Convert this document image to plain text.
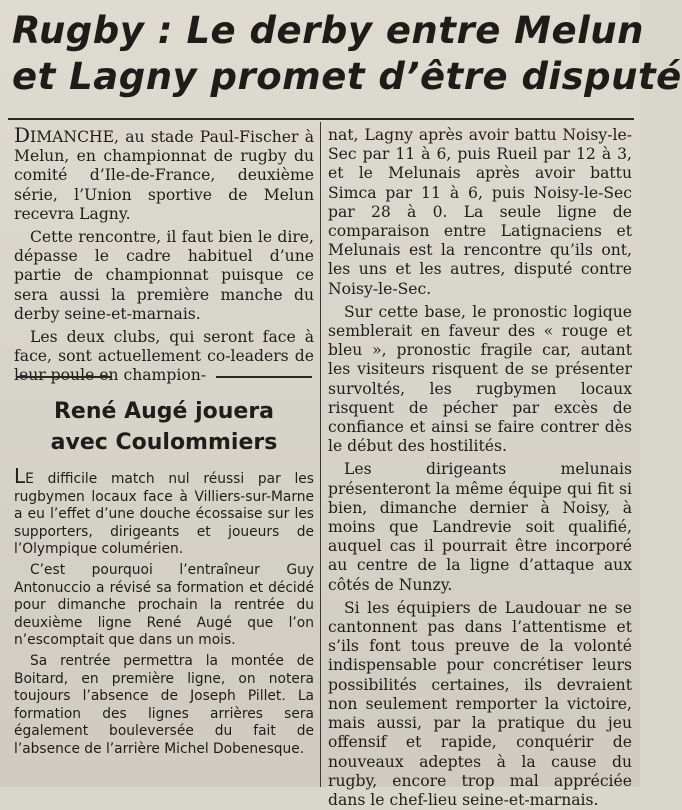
Rugby : Le derby entre Melun
et Lagny promet d’être disputé

DIMANCHE, au stade Paul-Fischer à Melun, en championnat de rugby du comité d’Ile-de-France, deuxième série, l’Union sportive de Melun recevra Lagny.

Cette rencontre, il faut bien le dire, dépasse le cadre habituel d’une partie de championnat puisque ce sera aussi la première manche du derby seine-et-marnais.

Les deux clubs, qui seront face à face, sont actuellement co-leaders de leur poule en champion-

René Augé jouera
avec Coulommiers

LE difficile match nul réussi par les rugbymen locaux face à Villiers-sur-Marne a eu l’effet d’une douche écossaise sur les supporters, dirigeants et joueurs de l’Olympique columérien.

C’est pourquoi l’entraîneur Guy Antonuccio a révisé sa formation et décidé pour dimanche prochain la rentrée du deuxième ligne René Augé que l’on n’escomptait que dans un mois.

Sa rentrée permettra la montée de Boitard, en première ligne, on notera toujours l’absence de Joseph Pillet. La formation des lignes arrières sera également bouleversée du fait de l’absence de l’arrière Michel Dobenesque.

nat, Lagny après avoir battu Noisy-le-Sec par 11 à 6, puis Rueil par 12 à 3, et le Melunais après avoir battu Simca par 11 à 6, puis Noisy-le-Sec par 28 à 0. La seule ligne de comparaison entre Latignaciens et Melunais est la rencontre qu’ils ont, les uns et les autres, disputé contre Noisy-le-Sec.

Sur cette base, le pronostic logique semblerait en faveur des « rouge et bleu », pronostic fragile car, autant les visiteurs risquent de se présenter survoltés, les rugbymen locaux risquent de pécher par excès de confiance et ainsi se faire contrer dès le début des hostilités.

Les dirigeants melunais présenteront la même équipe qui fit si bien, dimanche dernier à Noisy, à moins que Landrevie soit qualifié, auquel cas il pourrait être incorporé au centre de la ligne d’attaque aux côtés de Nunzy.

Si les équipiers de Laudouar ne se cantonnent pas dans l’attentisme et s’ils font tous preuve de la volonté indispensable pour concrétiser leurs possibilités certaines, ils devraient non seulement remporter la victoire, mais aussi, par la pratique du jeu offensif et rapide, conquérir de nouveaux adeptes à la cause du rugby, encore trop mal appréciée dans le chef-lieu seine-et-marnais.
